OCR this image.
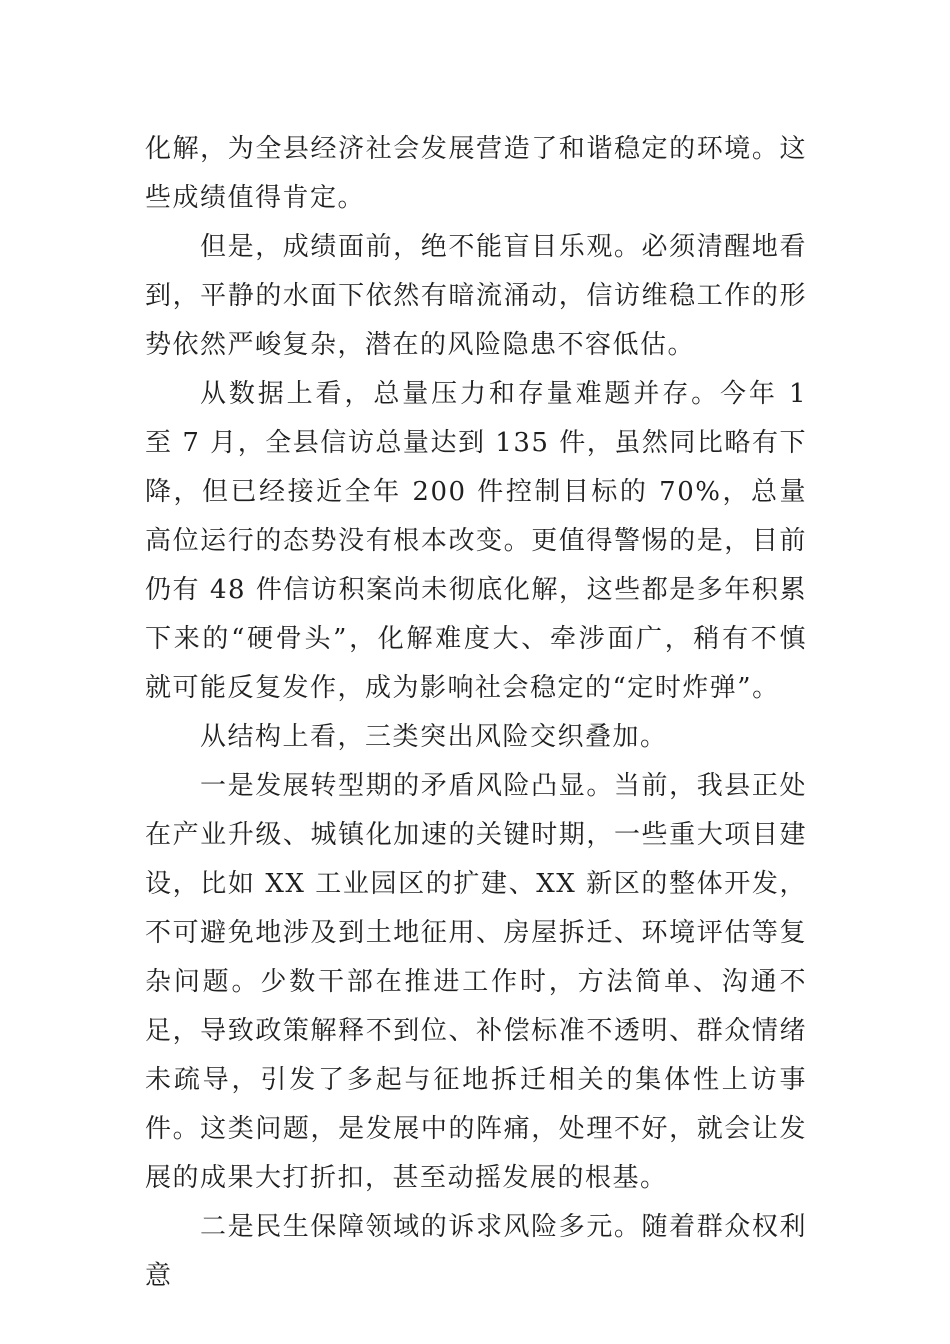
化解，为全县经济社会发展营造了和谐稳定的环境。这些成绩值得肯定。

但是，成绩面前，绝不能盲目乐观。必须清醒地看到，平静的水面下依然有暗流涌动，信访维稳工作的形势依然严峻复杂，潜在的风险隐患不容低估。

从数据上看，总量压力和存量难题并存。今年 1 至 7 月，全县信访总量达到 135 件，虽然同比略有下降，但已经接近全年 200 件控制目标的 70%，总量高位运行的态势没有根本改变。更值得警惕的是，目前仍有 48 件信访积案尚未彻底化解，这些都是多年积累下来的“硬骨头”，化解难度大、牵涉面广，稍有不慎就可能反复发作，成为影响社会稳定的“定时炸弹”。

从结构上看，三类突出风险交织叠加。

一是发展转型期的矛盾风险凸显。当前，我县正处在产业升级、城镇化加速的关键时期，一些重大项目建设，比如 XX 工业园区的扩建、XX 新区的整体开发，不可避免地涉及到土地征用、房屋拆迁、环境评估等复杂问题。少数干部在推进工作时，方法简单、沟通不足，导致政策解释不到位、补偿标准不透明、群众情绪未疏导，引发了多起与征地拆迁相关的集体性上访事件。这类问题，是发展中的阵痛，处理不好，就会让发展的成果大打折扣，甚至动摇发展的根基。

二是民生保障领域的诉求风险多元。随着群众权利意
